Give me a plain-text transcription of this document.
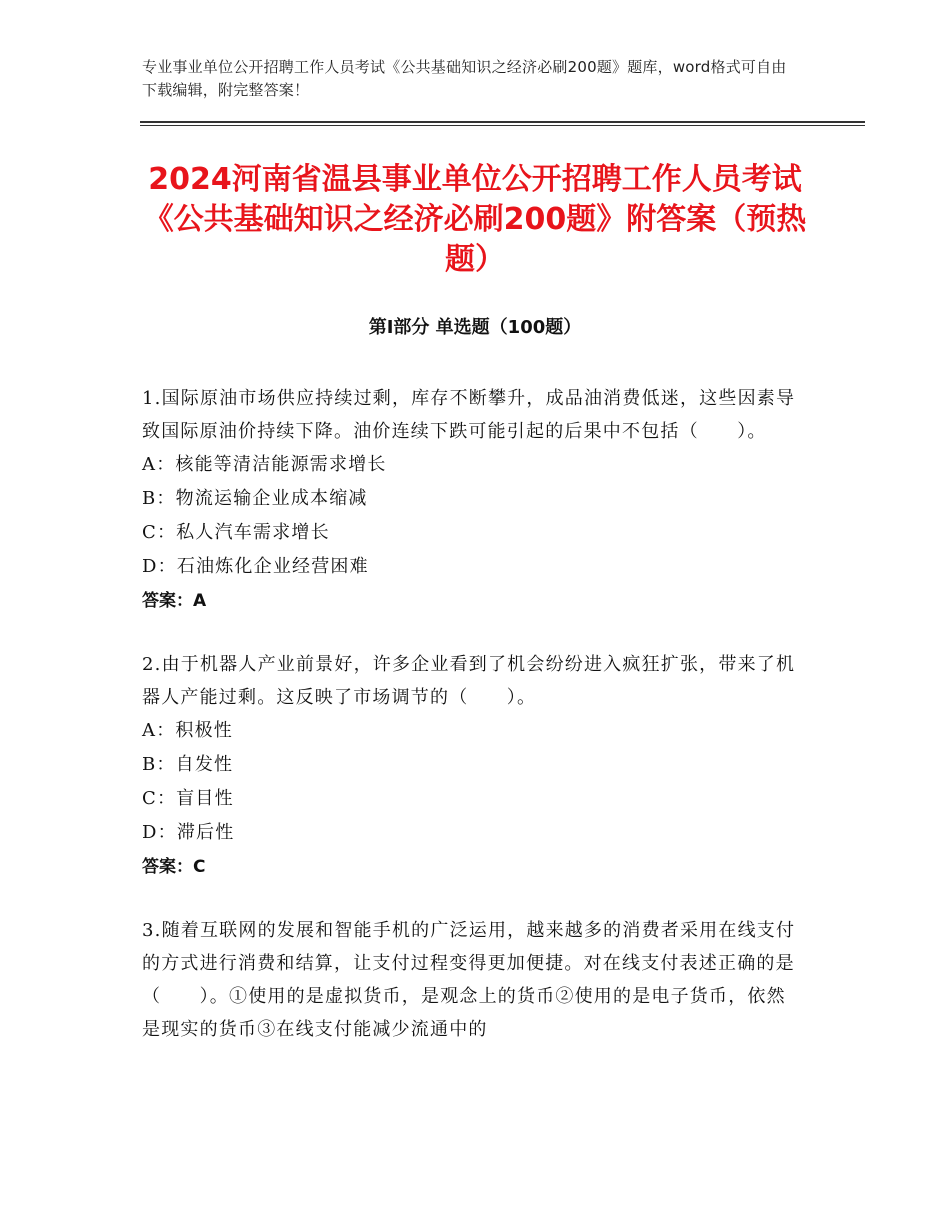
专业事业单位公开招聘工作人员考试《公共基础知识之经济必刷200题》题库，word格式可自由下载编辑，附完整答案！
2024河南省温县事业单位公开招聘工作人员考试《公共基础知识之经济必刷200题》附答案（预热题）
第Ⅰ部分 单选题（100题）

1.国际原油市场供应持续过剩，库存不断攀升，成品油消费低迷，这些因素导致国际原油价持续下降。油价连续下跌可能引起的后果中不包括（　　）。

A：核能等清洁能源需求增长

B：物流运输企业成本缩减

C：私人汽车需求增长

D：石油炼化企业经营困难

答案：A

2.由于机器人产业前景好，许多企业看到了机会纷纷进入疯狂扩张，带来了机器人产能过剩。这反映了市场调节的（　　）。

A：积极性

B：自发性

C：盲目性

D：滞后性

答案：C

3.随着互联网的发展和智能手机的广泛运用，越来越多的消费者采用在线支付的方式进行消费和结算，让支付过程变得更加便捷。对在线支付表述正确的是（　　）。①使用的是虚拟货币，是观念上的货币②使用的是电子货币，依然是现实的货币③在线支付能减少流通中的
